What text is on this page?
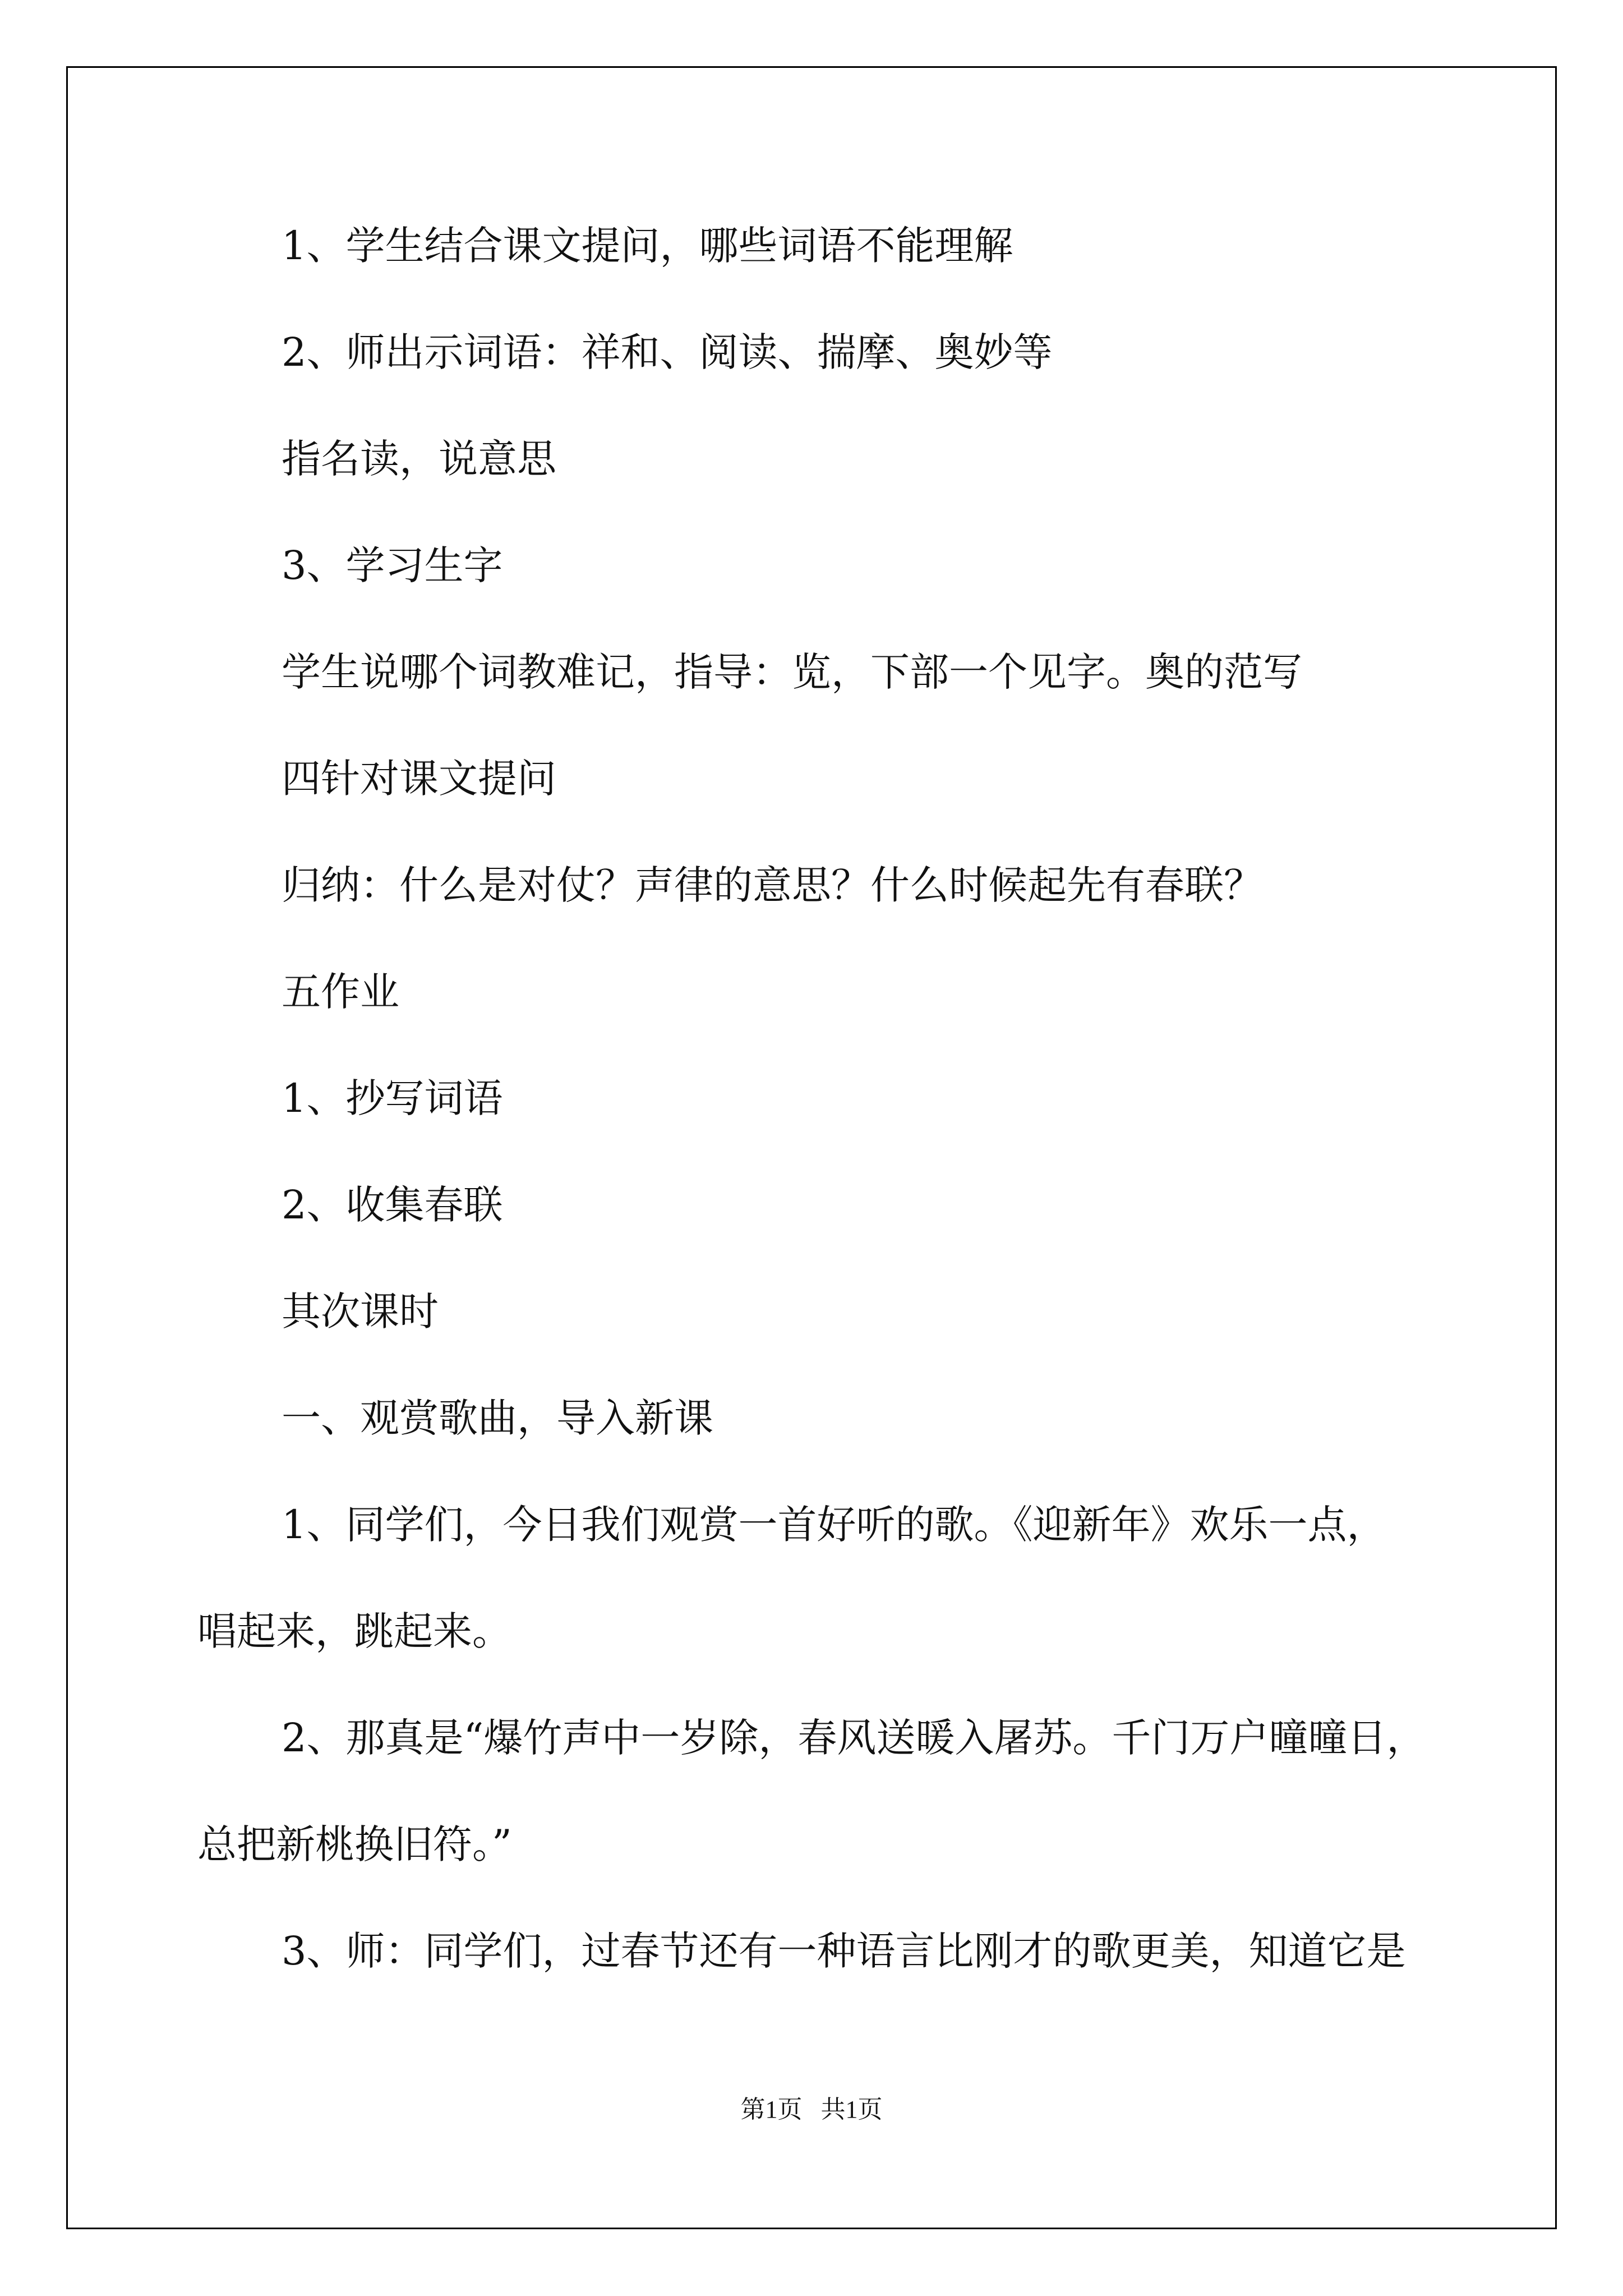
1、学生结合课文提问，哪些词语不能理解
2、师出示词语：祥和、阅读、揣摩、奥妙等
指名读，说意思
3、学习生字
学生说哪个词教难记，指导：览，下部一个见字。奥的范写
四针对课文提问
归纳：什么是对仗？声律的意思？什么时候起先有春联？
五作业
1、抄写词语
2、收集春联
其次课时
一、观赏歌曲，导入新课
1、同学们，今日我们观赏一首好听的歌。《迎新年》欢乐一点，
唱起来，跳起来。
2、那真是“爆竹声中一岁除，春风送暖入屠苏。千门万户曈曈日，
总把新桃换旧符。”
3、师：同学们，过春节还有一种语言比刚才的歌更美，知道它是
第1页   共1页
